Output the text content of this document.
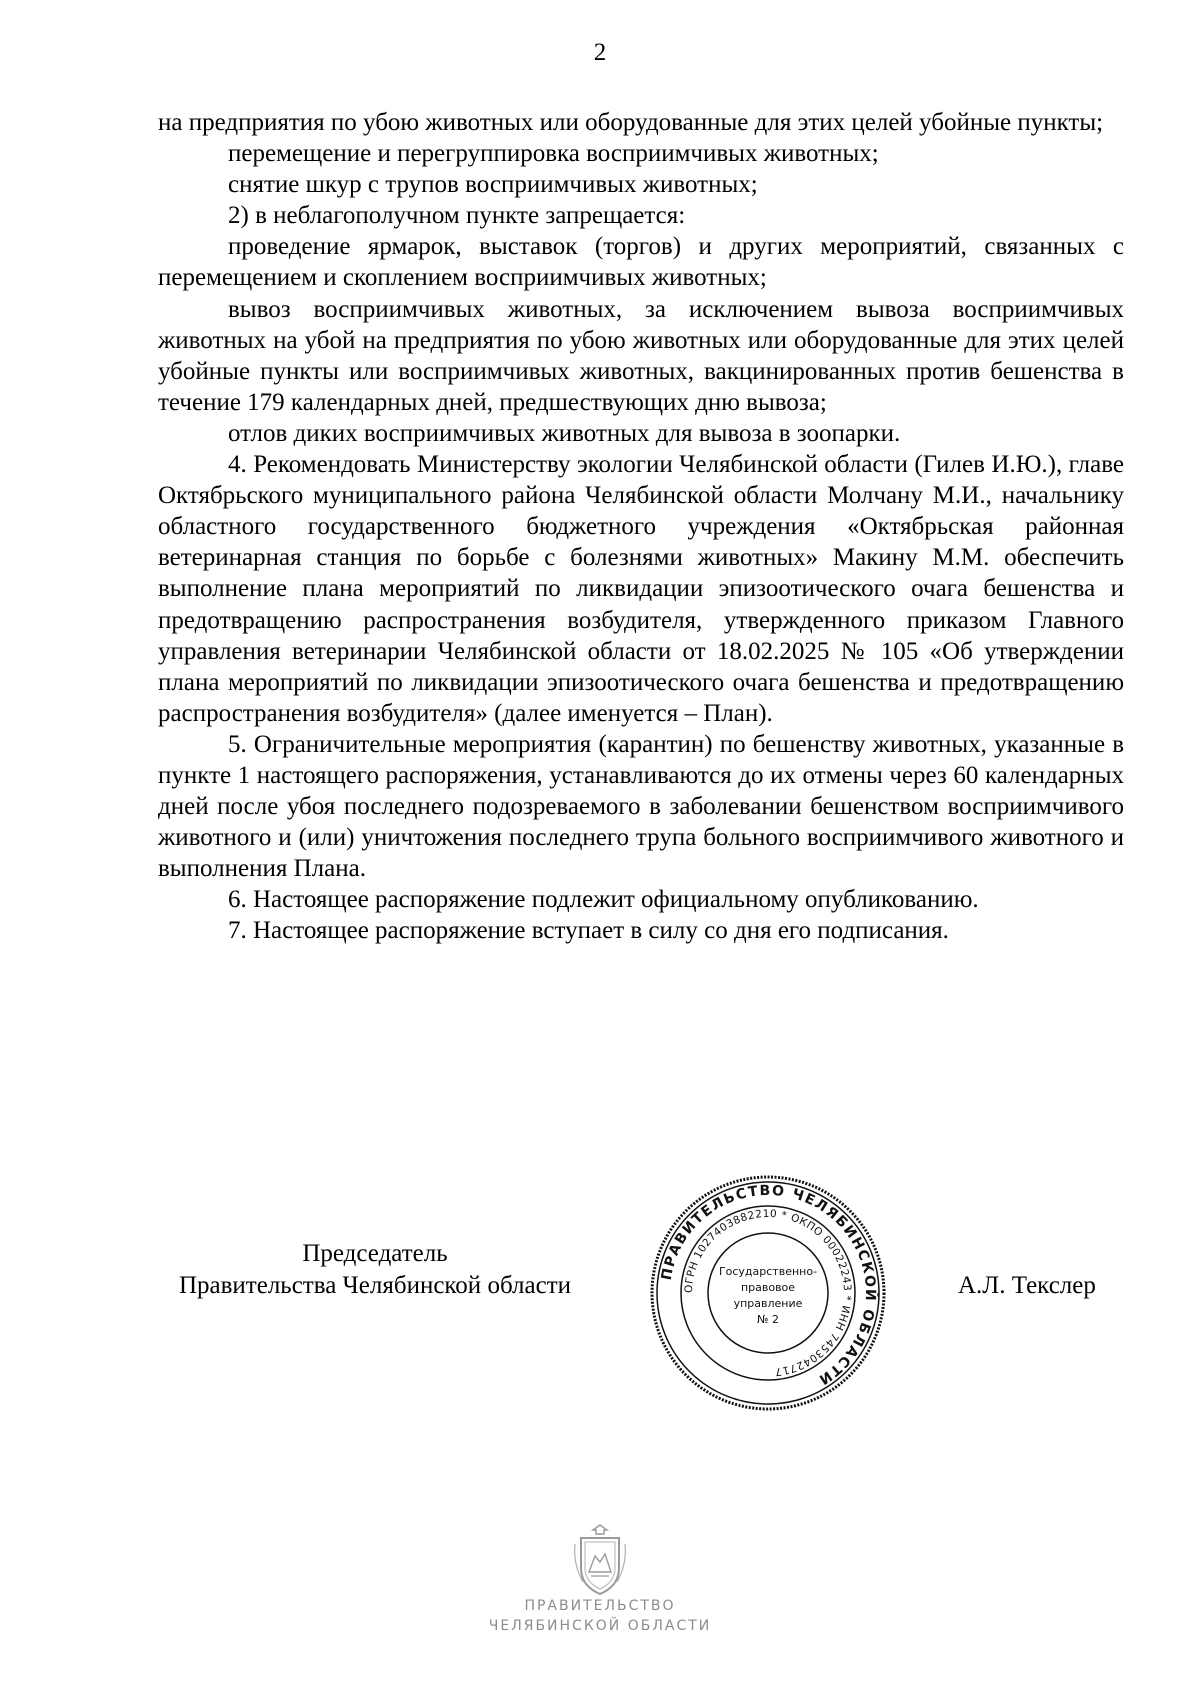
2

на предприятия по убою животных или оборудованные для этих целей убойные пункты;

перемещение и перегруппировка восприимчивых животных;

снятие шкур с трупов восприимчивых животных;

2) в неблагополучном пункте запрещается:

проведение ярмарок, выставок (торгов) и других мероприятий, связанных с перемещением и скоплением восприимчивых животных;

вывоз восприимчивых животных, за исключением вывоза восприимчивых животных на убой на предприятия по убою животных или оборудованные для этих целей убойные пункты или восприимчивых животных, вакцинированных против бешенства в течение 179 календарных дней, предшествующих дню вывоза;

отлов диких восприимчивых животных для вывоза в зоопарки.

4. Рекомендовать Министерству экологии Челябинской области (Гилев И.Ю.), главе Октябрьского муниципального района Челябинской области Молчану М.И., начальнику областного государственного бюджетного учреждения «Октябрьская районная ветеринарная станция по борьбе с болезнями животных» Макину М.М. обеспечить выполнение плана мероприятий по ликвидации эпизоотического очага бешенства и предотвращению распространения возбудителя, утвержденного приказом Главного управления ветеринарии Челябинской области от 18.02.2025 № 105 «Об утверждении плана мероприятий по ликвидации эпизоотического очага бешенства и предотвращению распространения возбудителя» (далее именуется – План).

5. Ограничительные мероприятия (карантин) по бешенству животных, указанные в пункте 1 настоящего распоряжения, устанавливаются до их отмены через 60 календарных дней после убоя последнего подозреваемого в заболевании бешенством восприимчивого животного и (или) уничтожения последнего трупа больного восприимчивого животного и выполнения Плана.

6. Настоящее распоряжение подлежит официальному опубликованию.

7. Настоящее распоряжение вступает в силу со дня его подписания.

Председатель
Правительства Челябинской области	А.Л. Текслер
ПРАВИТЕЛЬСТВО ЧЕЛЯБИНСКОЙ ОБЛАСТИ
ОГРН 1027403882210 * ОКПО 00022243 * ИНН 7453042717
Государственно-
правовое
управление
№ 2
ПРАВИТЕЛЬСТВО
ЧЕЛЯБИНСКОЙ ОБЛАСТИ
